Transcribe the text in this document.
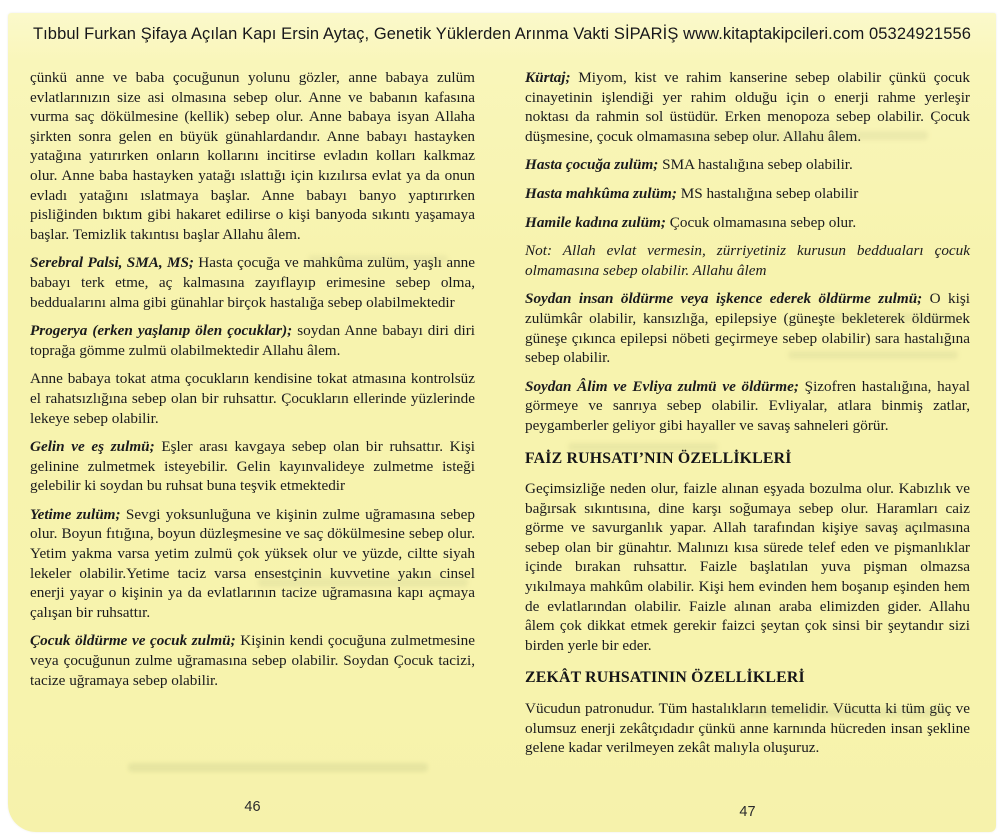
Tıbbul Furkan Şifaya Açılan Kapı Ersin Aytaç, Genetik Yüklerden Arınma Vakti SİPARİŞ www.kitaptakipcileri.com 05324921556

çünkü anne ve baba çocuğunun yolunu gözler, anne babaya zulüm evlatlarınızın size asi olmasına sebep olur. Anne ve babanın kafasına vurma saç dökülmesine (kellik) sebep olur. Anne babaya isyan Allaha şirkten sonra gelen en büyük günahlardandır. Anne babayı hastayken yatağına yatırırken onların kollarını incitirse evladın kolları kalkmaz olur. Anne baba hastayken yatağı ıslattığı için kızılırsa evlat ya da onun evladı yatağını ıslatmaya başlar. Anne babayı banyo yaptırırken pisliğinden bıktım gibi hakaret edilirse o kişi banyoda sıkıntı yaşamaya başlar. Temizlik takıntısı başlar Allahu âlem.

Serebral Palsi, SMA, MS; Hasta çocuğa ve mahkûma zulüm, yaşlı anne babayı terk etme, aç kalmasına zayıflayıp erimesine sebep olma, beddualarını alma gibi günahlar birçok hastalığa sebep olabilmektedir

Progerya (erken yaşlanıp ölen çocuklar); soydan Anne babayı diri diri toprağa gömme zulmü olabilmektedir Allahu âlem.

Anne babaya tokat atma çocukların kendisine tokat atmasına kontrolsüz el rahatsızlığına sebep olan bir ruhsattır. Çocukların ellerinde yüzlerinde lekeye sebep olabilir.

Gelin ve eş zulmü; Eşler arası kavgaya sebep olan bir ruhsattır. Kişi gelinine zulmetmek isteyebilir. Gelin kayınvalideye zulmetme isteği gelebilir ki soydan bu ruhsat buna teşvik etmektedir

Yetime zulüm; Sevgi yoksunluğuna ve kişinin zulme uğramasına sebep olur. Boyun fıtığına, boyun düzleşmesine ve saç dökülmesine sebep olur. Yetim yakma varsa yetim zulmü çok yüksek olur ve yüzde, ciltte siyah lekeler olabilir.Yetime taciz varsa ensestçinin kuvvetine yakın cinsel enerji yayar o kişinin ya da evlatlarının tacize uğramasına kapı açmaya çalışan bir ruhsattır.

Çocuk öldürme ve çocuk zulmü; Kişinin kendi çocuğuna zulmetmesine veya çocuğunun zulme uğramasına sebep olabilir. Soydan Çocuk tacizi, tacize uğramaya sebep olabilir.

Kürtaj; Miyom, kist ve rahim kanserine sebep olabilir çünkü çocuk cinayetinin işlendiği yer rahim olduğu için o enerji rahme yerleşir noktası da rahmin sol üstüdür. Erken menopoza sebep olabilir. Çocuk düşmesine, çocuk olmamasına sebep olur. Allahu âlem.

Hasta çocuğa zulüm; SMA hastalığına sebep olabilir.

Hasta mahkûma zulüm; MS hastalığına sebep olabilir

Hamile kadına zulüm; Çocuk olmamasına sebep olur.

Not: Allah evlat vermesin, zürriyetiniz kurusun bedduaları çocuk olmamasına sebep olabilir. Allahu âlem

Soydan insan öldürme veya işkence ederek öldürme zulmü; O kişi zulümkâr olabilir, kansızlığa, epilepsiye (güneşte bekleterek öldürmek güneşe çıkınca epilepsi nöbeti geçirmeye sebep olabilir) sara hastalığına sebep olabilir.

Soydan Âlim ve Evliya zulmü ve öldürme; Şizofren hastalığına, hayal görmeye ve sanrıya sebep olabilir. Evliyalar, atlara binmiş zatlar, peygamberler geliyor gibi hayaller ve savaş sahneleri görür.

FAİZ RUHSATI’NIN ÖZELLİKLERİ

Geçimsizliğe neden olur, faizle alınan eşyada bozulma olur. Kabızlık ve bağırsak sıkıntısına, dine karşı soğumaya sebep olur. Haramları caiz görme ve savurganlık yapar. Allah tarafından kişiye savaş açılmasına sebep olan bir günahtır. Malınızı kısa sürede telef eden ve pişmanlıklar içinde bırakan ruhsattır. Faizle başlatılan yuva pişman olmazsa yıkılmaya mahkûm olabilir. Kişi hem evinden hem boşanıp eşinden hem de evlatlarından olabilir. Faizle alınan araba elimizden gider. Allahu âlem çok dikkat etmek gerekir faizci şeytan çok sinsi bir şeytandır sizi birden yerle bir eder.

ZEKÂT RUHSATININ ÖZELLİKLERİ

Vücudun patronudur. Tüm hastalıkların temelidir. Vücutta ki tüm güç ve olumsuz enerji zekâtçıdadır çünkü anne karnında hücreden insan şekline gelene kadar verilmeyen zekât malıyla oluşuruz.

46	47
